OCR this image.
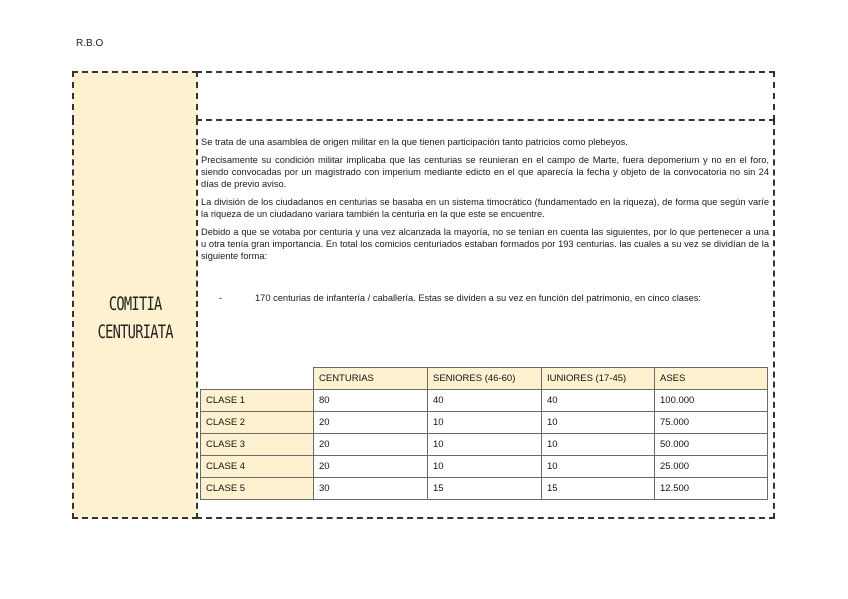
R.B.O
COMITIA
CENTURIATA

Se trata de una asamblea de origen militar en la que tienen participación tanto patricios como plebeyos.

Precisamente su condición militar implicaba que las centurias se reunieran en el campo de Marte, fuera depomerium y no en el foro, siendo convocadas por un magistrado con imperium mediante edicto en el que aparecía la fecha y objeto de la convocatoria no sin 24 días de previo aviso.

La división de los ciudadanos en centurias se basaba en un sistema timocrático (fundamentado en la riqueza), de forma que según varíe la riqueza de un ciudadano variara también la centuria en la que este se encuentre.

Debido a que se votaba por centuria y una vez alcanzada la mayoría, no se tenían en cuenta las siguientes, por lo que pertenecer a una u otra tenía gran importancia. En total los comicios centuriados estaban formados por 193 centurias. las cuales a su vez se dividían de la siguiente forma:

-	170 centurias de infantería / caballería. Estas se dividen a su vez en función del patrimonio, en cinco clases:
	CENTURIAS	SENIORES (46-60)	IUNIORES (17-45)	ASES
CLASE 1	80	40	40	100.000
CLASE 2	20	10	10	75.000
CLASE 3	20	10	10	50.000
CLASE 4	20	10	10	25.000
CLASE 5	30	15	15	12.500
